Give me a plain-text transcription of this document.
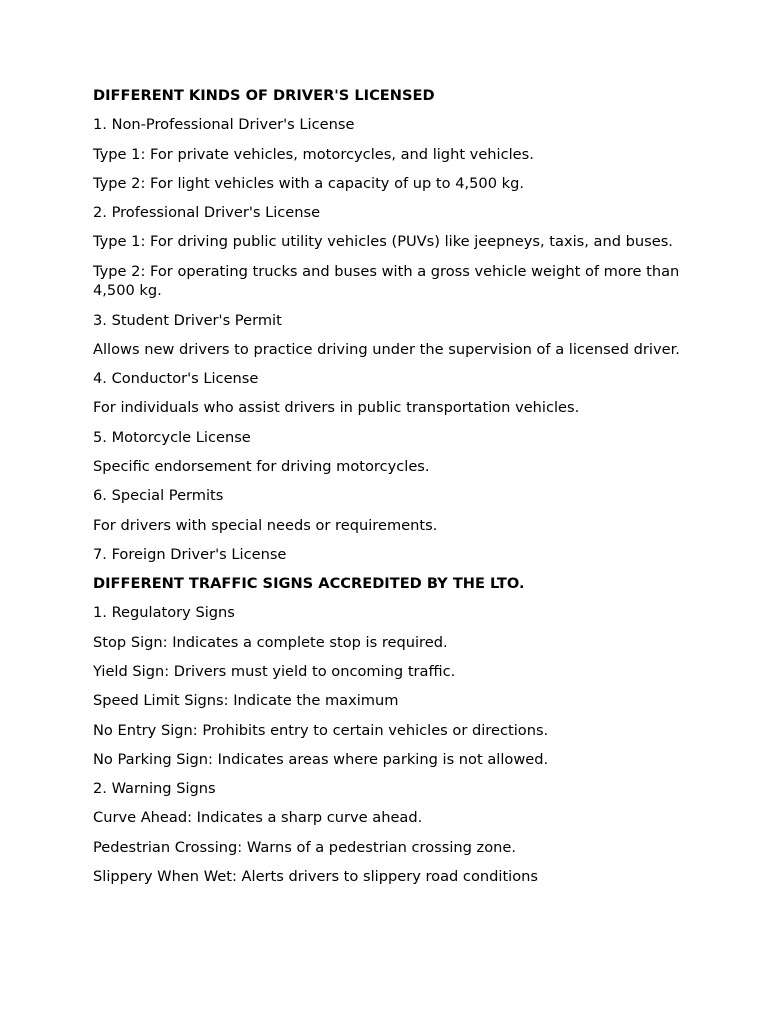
DIFFERENT KINDS OF DRIVER'S LICENSED

1. Non-Professional Driver's License

Type 1: For private vehicles, motorcycles, and light vehicles.

Type 2: For light vehicles with a capacity of up to 4,500 kg.

2. Professional Driver's License

Type 1: For driving public utility vehicles (PUVs) like jeepneys, taxis, and buses.

Type 2: For operating trucks and buses with a gross vehicle weight of more than 4,500 kg.

3. Student Driver's Permit

Allows new drivers to practice driving under the supervision of a licensed driver.

4. Conductor's License

For individuals who assist drivers in public transportation vehicles.

5. Motorcycle License

Specific endorsement for driving motorcycles.

6. Special Permits

For drivers with special needs or requirements.

7. Foreign Driver's License

DIFFERENT TRAFFIC SIGNS ACCREDITED BY THE LTO.

1. Regulatory Signs

Stop Sign: Indicates a complete stop is required.

Yield Sign: Drivers must yield to oncoming traffic.

Speed Limit Signs: Indicate the maximum

No Entry Sign: Prohibits entry to certain vehicles or directions.

No Parking Sign: Indicates areas where parking is not allowed.

2. Warning Signs

Curve Ahead: Indicates a sharp curve ahead.

Pedestrian Crossing: Warns of a pedestrian crossing zone.

Slippery When Wet: Alerts drivers to slippery road conditions
